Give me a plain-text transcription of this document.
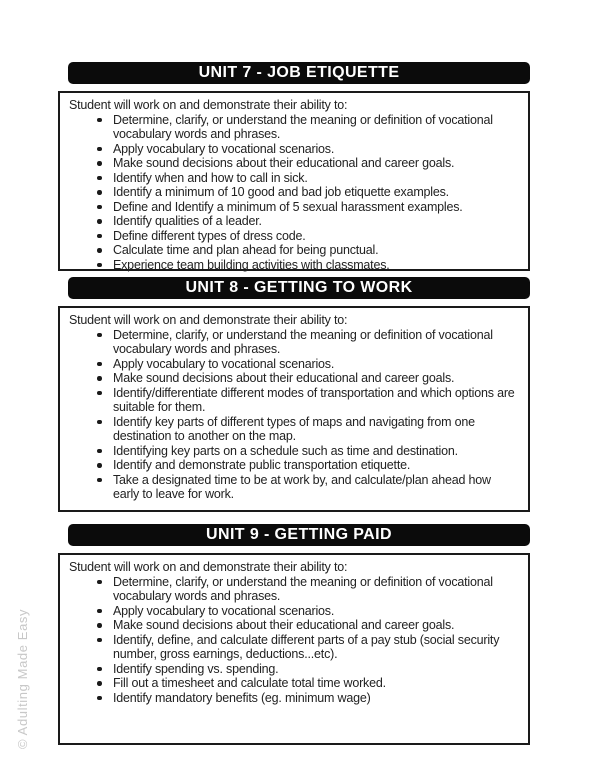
© Adulting Made Easy
UNIT 7 - JOB ETIQUETTE

Student will work on and demonstrate their ability to:

Determine, clarify, or understand the meaning or definition of vocational vocabulary words and phrases.
Apply vocabulary to vocational scenarios.
Make sound decisions about their educational and career goals.
Identify when and how to call in sick.
Identify a minimum of 10 good and bad job etiquette examples.
Define and Identify a minimum of 5 sexual harassment examples.
Identify qualities of a leader.
Define different types of dress code.
Calculate time and plan ahead for being punctual.
Experience team building activities with classmates.
UNIT 8 - GETTING TO WORK

Student will work on and demonstrate their ability to:

Determine, clarify, or understand the meaning or definition of vocational vocabulary words and phrases.
Apply vocabulary to vocational scenarios.
Make sound decisions about their educational and career goals.
Identify/differentiate different modes of transportation and which options are suitable for them.
Identify key parts of different types of maps and navigating from one destination to another on the map.
Identifying key parts on a schedule such as time and destination.
Identify and demonstrate public transportation etiquette.
Take a designated time to be at work by, and calculate/plan ahead how early to leave for work.
UNIT 9 - GETTING PAID

Student will work on and demonstrate their ability to:

Determine, clarify, or understand the meaning or definition of vocational vocabulary words and phrases.
Apply vocabulary to vocational scenarios.
Make sound decisions about their educational and career goals.
Identify, define, and calculate different parts of a pay stub (social security number, gross earnings, deductions...etc).
Identify spending vs. spending.
Fill out a timesheet and calculate total time worked.
Identify mandatory benefits (eg. minimum wage)
